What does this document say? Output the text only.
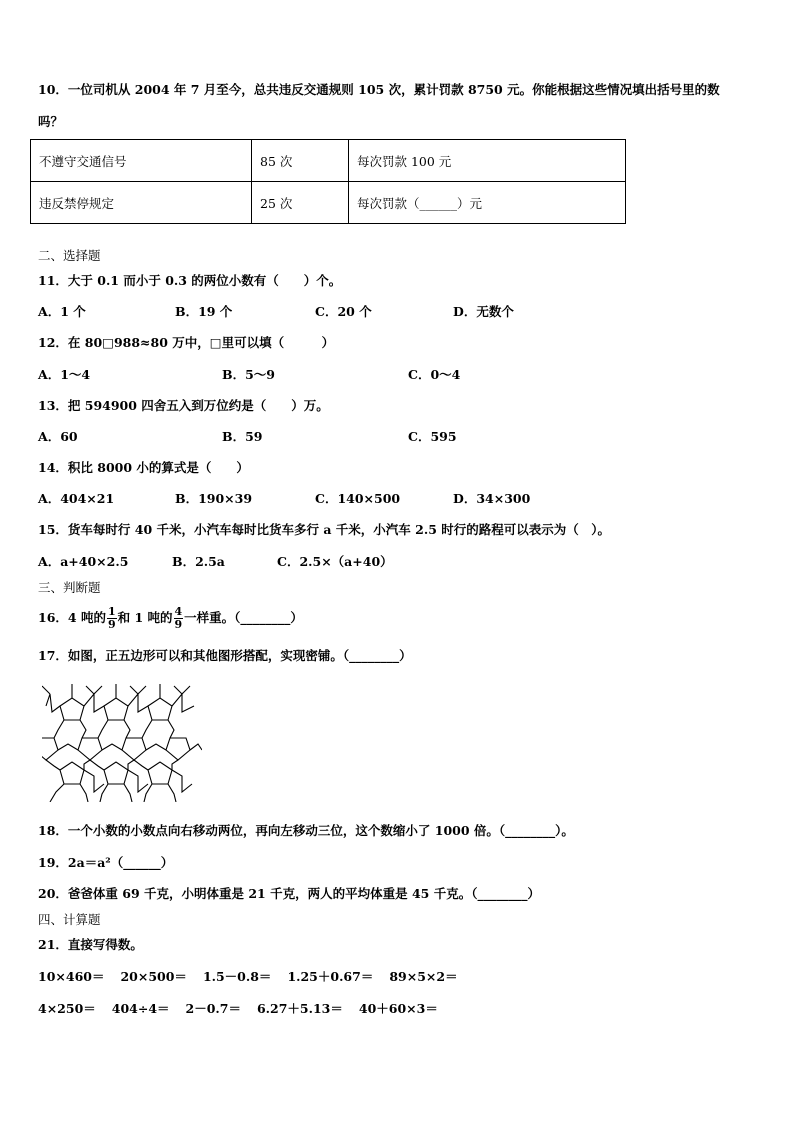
10．一位司机从 2004 年 7 月至今，总共违反交通规则 105 次，累计罚款 8750 元。你能根据这些情况填出括号里的数
吗？
不遵守交通信号	85 次	每次罚款 100 元
违反禁停规定	25 次	每次罚款（______）元
二、选择题
11．大于 0.1 而小于 0.3 的两位小数有（　　）个。
A．1 个	B．19 个	C．20 个	D．无数个
12．在 80□988≈80 万中，□里可以填（　　　）
A．1～4	B．5～9	C．0～4
13．把 594900 四舍五入到万位约是（　　）万。
A．60	B．59	C．595
14．积比 8000 小的算式是（　　）
A．404×21	B．190×39	C．140×500	D．34×300
15．货车每时行 40 千米，小汽车每时比货车多行 a 千米，小汽车 2.5 时行的路程可以表示为（　）。
A．a+40×2.5	B．2.5a	C．2.5×（a+40）
三、判断题
16．4 吨的 $\frac{1}{9}$ 和 1 吨的 $\frac{4}{9}$ 一样重。（________）
17．如图，正五边形可以和其他图形搭配，实现密铺。（________）
18．一个小数的小数点向右移动两位，再向左移动三位，这个数缩小了 1000 倍。（________）。
19．2a＝a²（______）
20．爸爸体重 69 千克，小明体重是 21 千克，两人的平均体重是 45 千克。（________）
四、计算题
21．直接写得数。
10×460＝ 20×500＝ 1.5－0.8＝ 1.25＋0.67＝ 89×5×2＝
4×250＝ 404÷4＝ 2－0.7＝ 6.27＋5.13＝ 40＋60×3＝
